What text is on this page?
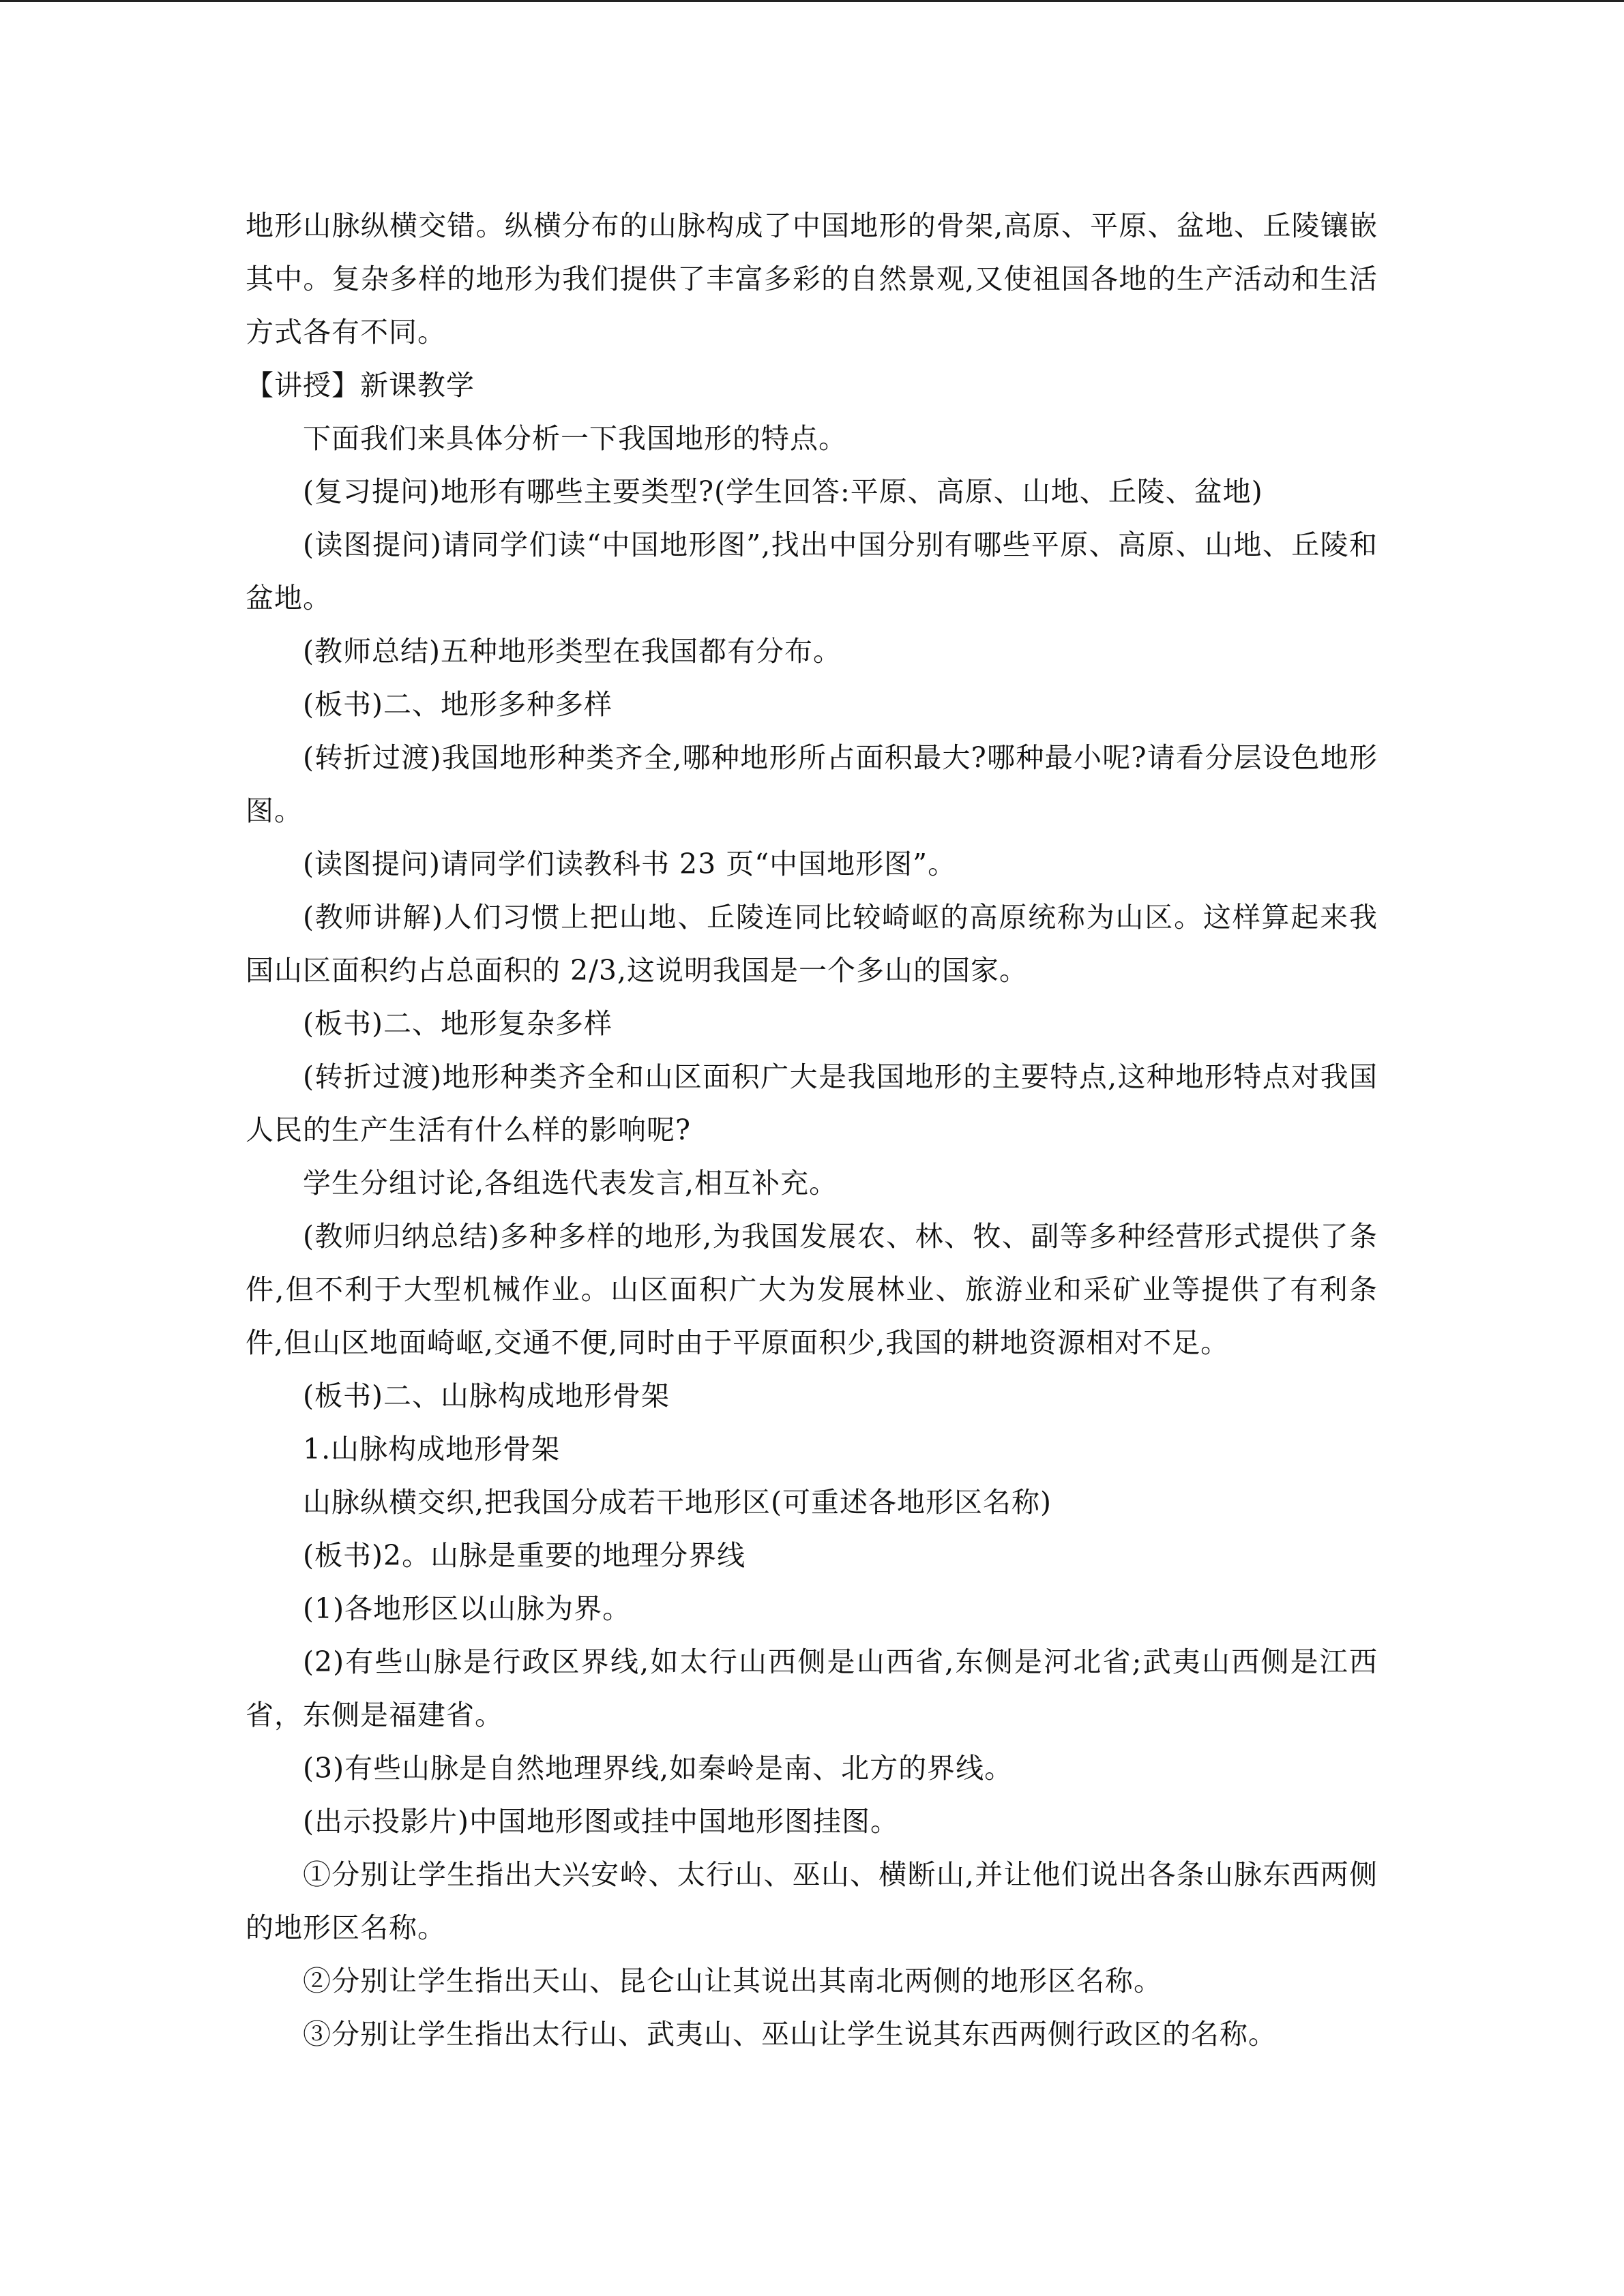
地形山脉纵横交错。纵横分布的山脉构成了中国地形的骨架,高原、平原、盆地、丘陵镶嵌其中。复杂多样的地形为我们提供了丰富多彩的自然景观,又使祖国各地的生产活动和生活方式各有不同。

【讲授】新课教学

下面我们来具体分析一下我国地形的特点。

(复习提问)地形有哪些主要类型?(学生回答:平原、高原、山地、丘陵、盆地)

(读图提问)请同学们读“中国地形图”,找出中国分别有哪些平原、高原、山地、丘陵和盆地。

(教师总结)五种地形类型在我国都有分布。

(板书)二、地形多种多样

(转折过渡)我国地形种类齐全,哪种地形所占面积最大?哪种最小呢?请看分层设色地形图。

(读图提问)请同学们读教科书 23 页“中国地形图”。

(教师讲解)人们习惯上把山地、丘陵连同比较崎岖的高原统称为山区。这样算起来我国山区面积约占总面积的 2/3,这说明我国是一个多山的国家。

(板书)二、地形复杂多样

(转折过渡)地形种类齐全和山区面积广大是我国地形的主要特点,这种地形特点对我国人民的生产生活有什么样的影响呢?

学生分组讨论,各组选代表发言,相互补充。

(教师归纳总结)多种多样的地形,为我国发展农、林、牧、副等多种经营形式提供了条件,但不利于大型机械作业。山区面积广大为发展林业、旅游业和采矿业等提供了有利条件,但山区地面崎岖,交通不便,同时由于平原面积少,我国的耕地资源相对不足。

(板书)二、山脉构成地形骨架

1.山脉构成地形骨架

山脉纵横交织,把我国分成若干地形区(可重述各地形区名称)

(板书)2。山脉是重要的地理分界线

(1)各地形区以山脉为界。

(2)有些山脉是行政区界线,如太行山西侧是山西省,东侧是河北省;武夷山西侧是江西省，东侧是福建省。

(3)有些山脉是自然地理界线,如秦岭是南、北方的界线。

(出示投影片)中国地形图或挂中国地形图挂图。

①分别让学生指出大兴安岭、太行山、巫山、横断山,并让他们说出各条山脉东西两侧的地形区名称。

②分别让学生指出天山、昆仑山让其说出其南北两侧的地形区名称。

③分别让学生指出太行山、武夷山、巫山让学生说其东西两侧行政区的名称。
